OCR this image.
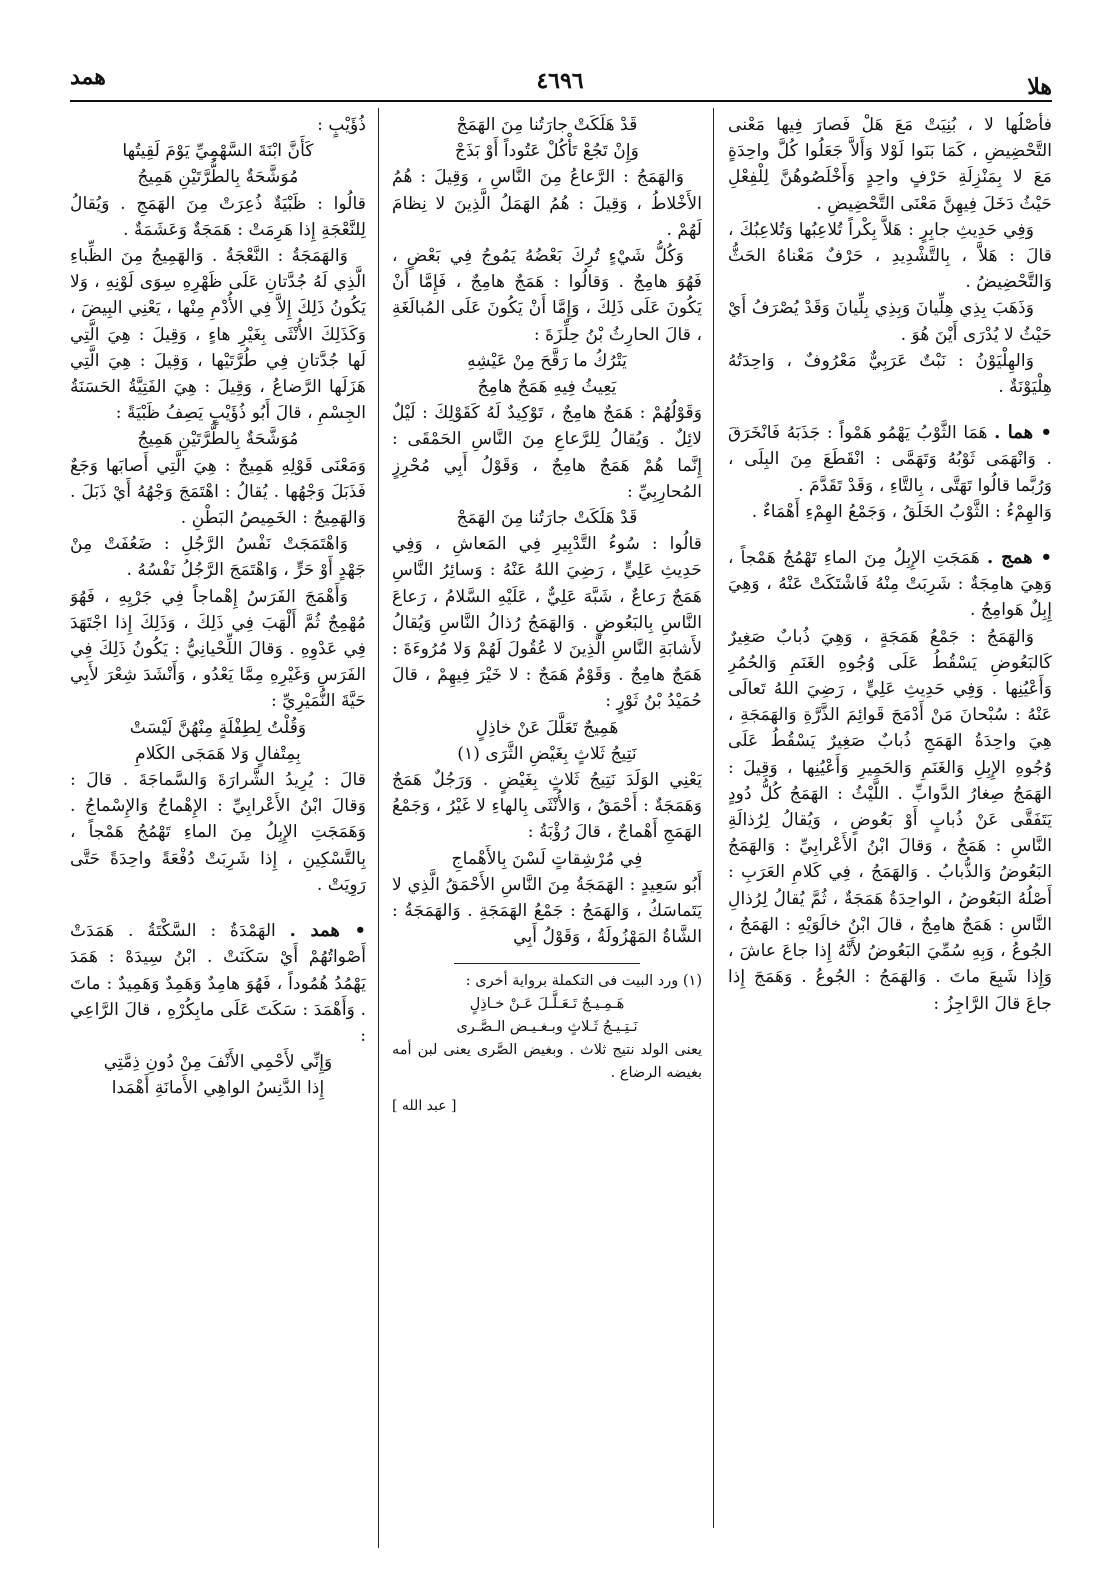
هلا
٤٦٩٦
همد

فأَصْلُها لا ، بُنِيَتْ مَعَ هَلْ فَصارَ فِيها مَعْنى التَّحْضِيضِ ، كَمَا بَنَوا لَوْلا وَأَلاَّ جَعَلُوا كُلَّ واحِدَةٍ مَعَ لا بِمَنْزِلَةِ حَرْفٍ واحِدٍ وَأَخْلَصُوهُنَّ لِلْفِعْلِ حَيْثُ دَخَلَ فِيهِنَّ مَعْنَى التَّحْضِيضِ .

وَفِي حَدِيثِ جابِرٍ : هَلاَّ بِكْراً تُلاعِبُها وَتُلاعِبُكَ ، قالَ : هَلاَّ ، بِالتَّشْدِيدِ ، حَرْفٌ مَعْناهُ الحَثُّ وَالتَّحْضِيضُ .

وَذَهَبَ بِذِي هِلِّيانَ وَبِذِي بِلِّيانَ وَقَدْ يُصْرَفُ أَيْ حَيْثُ لا يُدْرَى أَيْنَ هُوَ .

وَالهِلْيَوْنُ : نَبْتٌ عَرَبِيٌّ مَعْرُوفٌ ، وَاحِدَتُهُ هِلْيَوْنَةٌ .

• هما . هَمَا الثَّوْبُ يَهْمُو هَمْواً : جَذَبَهُ فَانْخَرَقَ . وَانْهَمَى ثَوْبُهُ وَتَهَمَّى : انْقَطَعَ مِنَ البِلَى ، وَرُبَّما قالُوا تَهَتَّى ، بِالتَّاءِ ، وَقَدْ تَقَدَّمَ .

وَالهِمْءُ : الثَّوْبُ الخَلَقُ ، وَجَمْعُ الهِمْءِ أَهْمَاءٌ .

• همج . هَمَجَتِ الإِبِلُ مِنَ الماءِ تَهْمُجُ هَمْجاً ، وَهِيَ هامِجَةٌ : شَرِبَتْ مِنْهُ فَاشْتَكَتْ عَنْهُ ، وَهِيَ إِبِلٌ هَوامِجُ .

وَالهَمَجُ : جَمْعُ هَمَجَةٍ ، وَهِيَ ذُبابٌ صَغِيرٌ كَالبَعُوضِ يَسْقُطُ عَلَى وُجُوهِ الغَنَمِ وَالحُمُرِ وَأَعْيُنِها . وَفِي حَدِيثِ عَلِيٍّ ، رَضِيَ اللهُ تَعالَى عَنْهُ : سُبْحانَ مَنْ أَدْمَجَ قَوائِمَ الذَّرَّةِ وَالهَمَجَةِ ، هِيَ واحِدَةُ الهَمَجِ ذُبابٌ صَغِيرٌ يَسْقُطُ عَلَى وُجُوهِ الإِبِلِ وَالغَنَمِ وَالحَمِيرِ وَأَعْيُنِها ، وَقِيلَ : الهَمَجُ صِغارُ الدَّوابِّ . اللَّيْثُ : الهَمَجُ كُلُّ دُودٍ يَتَفَقَّى عَنْ ذُبابٍ أَوْ بَعُوضٍ ، وَيُقالُ لِرُذالَةِ النَّاسِ : هَمَجٌ ، وَقالَ ابْنُ الأَعْرابِيِّ : وَالهَمَجُ البَعُوضُ وَالذُّبابُ . وَالهَمَجُ ، فِي كَلامِ العَرَبِ : أَصْلُهُ البَعُوضُ ، الواحِدَةُ هَمَجَةٌ ، ثُمَّ يُقالُ لِرُذالِ النَّاسِ : هَمَجٌ هامِجٌ ، قالَ ابْنُ خالَوَيْهِ : الهَمَجُ ، الجُوعُ ، وَبِهِ سُمِّيَ البَعُوضُ لأَنَّهُ إِذا جاعَ عاشَ ، وَإِذا شَبِعَ ماتَ . وَالهَمَجُ : الجُوعُ . وَهَمَجَ إِذا جاعَ قالَ الرَّاجِزُ :

قَدْ هَلَكَتْ جارَتُنا مِنَ الهَمَجْ

وَإِنْ تَجُعْ تَأْكُلْ عَتُوداً أَوْ بَذَجْ

وَالهَمَجُ : الرَّعاعُ مِنَ النَّاسِ ، وَقِيلَ : هُمُ الأَخْلاطُ ، وَقِيلَ : هُمُ الهَمَلُ الَّذِينَ لا نِظامَ لَهُمْ .

وَكُلُّ شَيْءٍ تُرِكَ بَعْضُهُ يَمُوجُ فِي بَعْضٍ ، فَهُوَ هامِجٌ . وَقالُوا : هَمَجٌ هامِجٌ ، فَإِمَّا أَنْ يَكُونَ عَلَى ذَلِكَ ، وَإِمَّا أَنْ يَكُونَ عَلَى المُبالَغَةِ ، قالَ الحارِثُ بْنُ حِلِّزَةَ :

يَتْرُكُ ما رَقَّحَ مِنْ عَيْشِهِ

يَعِيثُ فِيهِ هَمَجٌ هامِجُ

وَقَوْلُهُمْ : هَمَجٌ هامِجٌ ، تَوْكِيدٌ لَهُ كَقَوْلِكَ : لَيْلٌ لائِلٌ . وَيُقالُ لِلرَّعاعِ مِنَ النَّاسِ الحَمْقَى : إِنَّما هُمْ هَمَجٌ هامِجٌ ، وَقَوْلُ أَبِي مُحْرِزٍ المُحارِبِيِّ :

قَدْ هَلَكَتْ جارَتُنا مِنَ الهَمَجْ

قالُوا : سُوءُ التَّدْبِيرِ فِي المَعاشِ ، وَفِي حَدِيثِ عَلِيٍّ ، رَضِيَ اللهُ عَنْهُ : وَسائِرُ النَّاسِ هَمَجٌ رَعاعٌ ، شَبَّهَ عَلِيٌّ ، عَلَيْهِ السَّلامُ ، رَعاعَ النَّاسِ بِالبَعُوضِ . وَالهَمَجُ رُذالُ النَّاسِ وَيُقالُ لأَشابَةِ النَّاسِ الَّذِينَ لا عُقُولَ لَهُمْ وَلا مُرُوءَةَ : هَمَجٌ هامِجٌ . وَقَوْمٌ هَمَجٌ : لا خَيْرَ فِيهِمْ ، قالَ حُمَيْدُ بْنُ ثَوْرٍ :

هَمِيجٌ تَعَلَّلَ عَنْ خاذِلٍ

نَتِيجُ ثَلاثٍ بِغَيْضِ الثَّرَى (١)

يَعْنِي الوَلَدَ نَتِيجُ ثَلاثٍ بِغَيْضٍ . وَرَجُلٌ هَمَجٌ وَهَمَجَةٌ : أَحْمَقُ ، وَالأُنْثَى بِالهاءِ لا غَيْرُ ، وَجَمْعُ الهَمَجِ أَهْماجٌ ، قالَ رُؤْبَةُ :

فِي مُرْشِقاتٍ لَسْنَ بِالأَهْماجِ

أَبُو سَعِيدٍ : الهَمَجَةُ مِنَ النَّاسِ الأَحْمَقُ الَّذِي لا يَتَماسَكُ ، وَالهَمَجُ : جَمْعُ الهَمَجَةِ . وَالهَمَجَةُ : الشَّاةُ المَهْزُولَةُ ، وَقَوْلُ أَبِي

(١) ورد البيت فى التكملة برواية أخرى :

هَـمِـيـجٌ تَـعَـلَّـلَ عَـنْ خـاذِلٍ

نَـتِـيـجُ ثَـلاثٍ وبـغـيـض الـصَّـرى

يعنى الولد نتيج ثلاث . وبغيض الصَّرى يعنى لبن أمه بغيضه الرضاع .

[ عبد الله ]

ذُؤَيْبٍ :

كَأَنَّ ابْنَةَ السَّهْمِيِّ يَوْمَ لَقِيتُها

مُوَشَّحَةٌ بِالطُّرَّتَيْنِ هَمِيجُ

قالُوا : ظَبْيَةٌ ذُعِرَتْ مِنَ الهَمَجِ . وَيُقالُ لِلنَّعْجَةِ إِذا هَرِمَتْ : هَمَجَةٌ وَعَشَمَةٌ .

وَالهَمَجَةُ : النَّعْجَةُ . وَالهَمِيجُ مِنَ الظِّباءِ الَّذِي لَهُ جُدَّتانِ عَلَى ظَهْرِهِ سِوَى لَوْنِهِ ، وَلا يَكُونُ ذَلِكَ إِلاَّ فِي الأُدْمِ مِنْها ، يَعْنِي البِيضَ ، وَكَذَلِكَ الأُنْثَى بِغَيْرِ هاءٍ ، وَقِيلَ : هِيَ الَّتِي لَها جُدَّتانِ فِي طُرَّتَيْها ، وَقِيلَ : هِيَ الَّتِي هَزَلَها الرَّضاعُ ، وَقِيلَ : هِيَ الفَتِيَّةُ الحَسَنَةُ الجِسْمِ ، قالَ أَبُو ذُؤَيْبٍ يَصِفُ ظَبْيَةً :

مُوَشَّحَةٌ بِالطُّرَّتَيْنِ هَمِيجُ

وَمَعْنَى قَوْلِهِ هَمِيجٌ : هِيَ الَّتِي أَصابَها وَجَعٌ فَذَبَلَ وَجْهُها . يُقالُ : اهْتَمَجَ وَجْهُهُ أَيْ ذَبَلَ . وَالهَمِيجُ : الخَمِيصُ البَطْنِ .

وَاهْتَمَجَتْ نَفْسُ الرَّجُلِ : ضَعُفَتْ مِنْ جَهْدٍ أَوْ حَرٍّ ، وَاهْتَمَجَ الرَّجُلُ نَفْسُهُ .

وَأَهْمَجَ الفَرَسُ إِهْماجاً فِي جَرْيِهِ ، فَهُوَ مُهْمِجٌ ثُمَّ أَلْهَبَ فِي ذَلِكَ ، وَذَلِكَ إِذا اجْتَهَدَ فِي عَدْوِهِ . وَقالَ اللِّحْيانِيُّ : يَكُونُ ذَلِكَ فِي الفَرَسِ وَغَيْرِهِ مِمَّا يَعْدُو ، وَأَنْشَدَ شِعْرَ لأَبِي حَيَّةَ النُّمَيْرِيِّ :

وَقُلْتُ لِطِفْلَةٍ مِنْهُنَّ لَيْسَتْ

بِمِتْفالٍ وَلا هَمَجَى الكَلامِ

قالَ : يُرِيدُ الشَّرارَةَ وَالسَّماجَةَ . قالَ : وَقالَ ابْنُ الأَعْرابِيِّ : الإِهْماجُ وَالإِسْماجُ . وَهَمَجَتِ الإِبِلُ مِنَ الماءِ تَهْمُجُ هَمْجاً ، بِالتَّسْكِينِ ، إِذا شَرِبَتْ دُفْعَةً واحِدَةً حَتَّى رَوِيَتْ .

• همد . الهَمْدَةُ : السَّكْتَةُ . هَمَدَتْ أَصْواتُهُمْ أَيْ سَكَنَتْ . ابْنُ سِيدَهْ : هَمَدَ يَهْمُدُ هُمُوداً ، فَهُوَ هامِدٌ وَهَمِدٌ وَهَمِيدٌ : ماتَ . وَأَهْمَدَ : سَكَتَ عَلَى مابِكُرْهِ ، قالَ الرَّاعِي :

وَإِنِّي لأَحْمِي الأَنْفَ مِنْ دُونِ ذِمَّتِي

إِذا الدَّنِسُ الواهِي الأَمانَةِ أَهْمَدا
